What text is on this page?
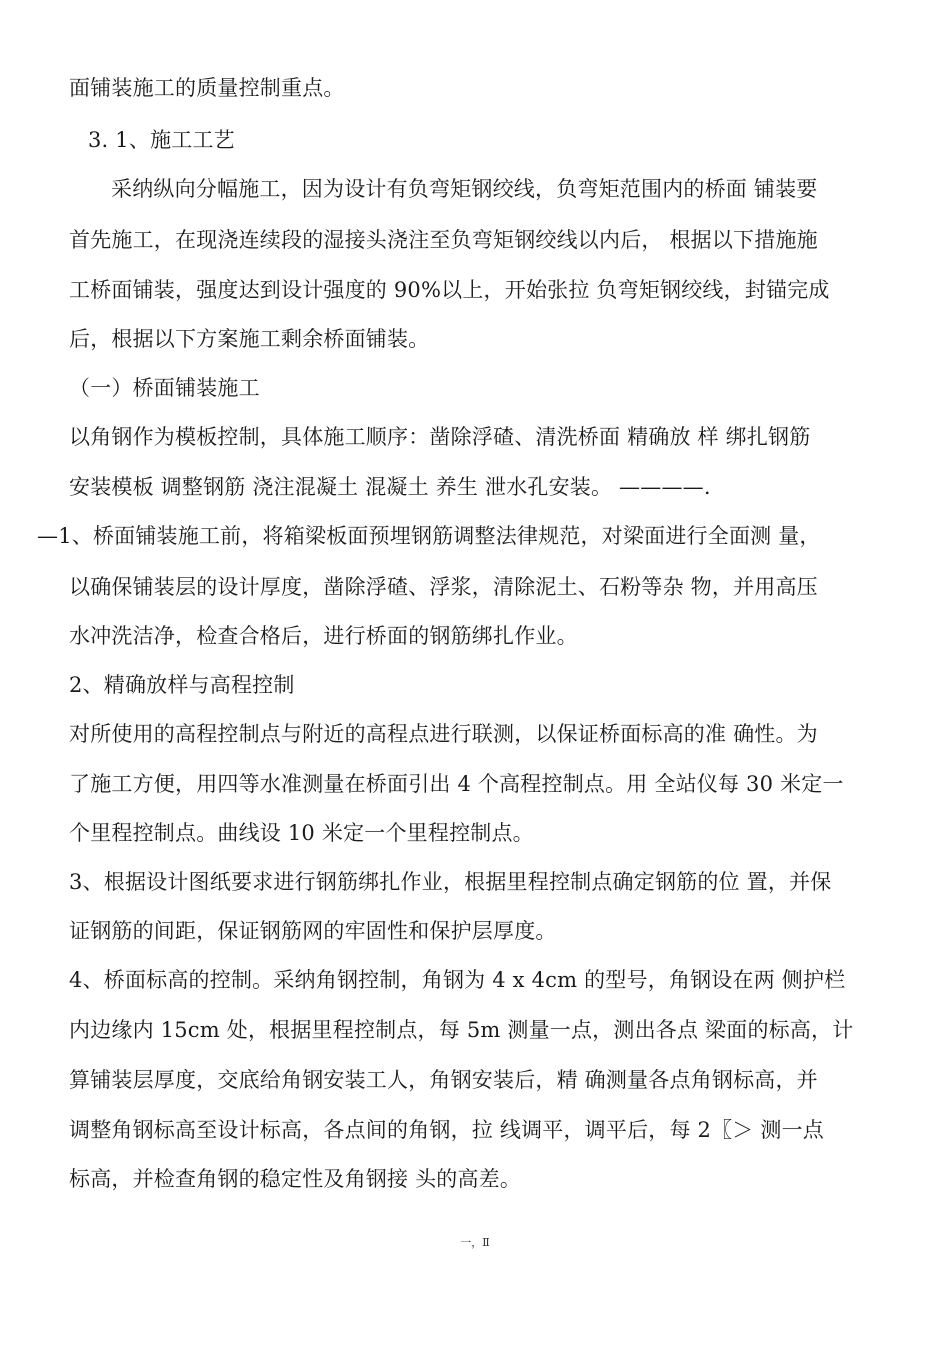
面铺装施工的质量控制重点。
3. 1、施工工艺
采纳纵向分幅施工，因为设计有负弯矩钢绞线，负弯矩范围内的桥面 铺装要
首先施工，在现浇连续段的湿接头浇注至负弯矩钢绞线以内后， 根据以下措施施
工桥面铺装，强度达到设计强度的 90%以上，开始张拉 负弯矩钢绞线，封锚完成
后，根据以下方案施工剩余桥面铺装。
（一）桥面铺装施工
以角钢作为模板控制，具体施工顺序：凿除浮碴、清洗桥面 精确放 样 绑扎钢筋
安装模板 调整钢筋 浇注混凝土 混凝土 养生 泄水孔安装。 ————.
—1、桥面铺装施工前，将箱梁板面预埋钢筋调整法律规范，对梁面进行全面测 量，
以确保铺装层的设计厚度，凿除浮碴、浮浆，清除泥土、石粉等杂 物，并用高压
水冲洗洁净，检查合格后，进行桥面的钢筋绑扎作业。
2、精确放样与高程控制
对所使用的高程控制点与附近的高程点进行联测，以保证桥面标高的准 确性。为
了施工方便，用四等水准测量在桥面引出 4 个高程控制点。用 全站仪每 30 米定一
个里程控制点。曲线设 10 米定一个里程控制点。
3、根据设计图纸要求进行钢筋绑扎作业，根据里程控制点确定钢筋的位 置，并保
证钢筋的间距，保证钢筋网的牢固性和保护层厚度。
4、桥面标高的控制。采纳角钢控制，角钢为 4 x 4cm 的型号，角钢设在两 侧护栏
内边缘内 15cm 处，根据里程控制点，每 5m 测量一点，测出各点 梁面的标高，计
算铺装层厚度，交底给角钢安装工人，角钢安装后，精 确测量各点角钢标高，并
调整角钢标高至设计标高，各点间的角钢，拉 线调平，调平后，每 2〖＞ 测一点
标高，并检查角钢的稳定性及角钢接 头的高差。
一，Ⅱ
